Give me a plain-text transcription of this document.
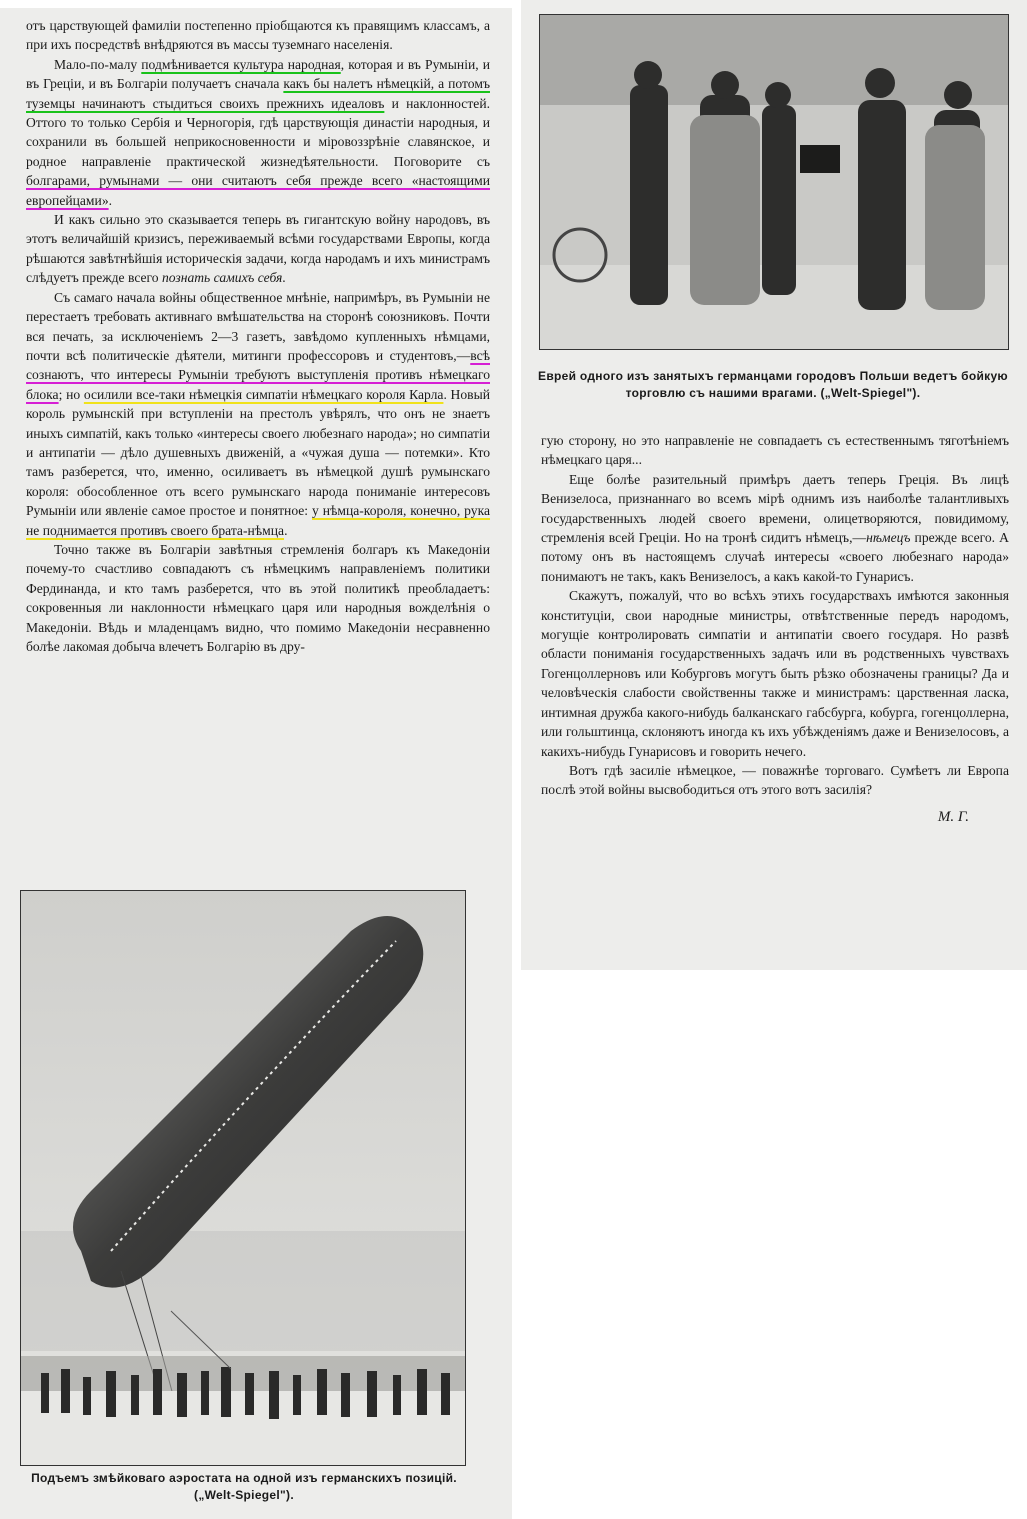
отъ царствующей фамиліи постепенно пріобщаются къ правящимъ классамъ, а при ихъ посредствѣ внѣдряются въ массы туземнаго населенія.

Мало-по-малу подмѣнивается культура народная, которая и въ Румыніи, и въ Греціи, и въ Болгаріи получаетъ сначала какъ бы налетъ нѣмецкій, а потомъ туземцы начинаютъ стыдиться своихъ прежнихъ идеаловъ и наклонностей. Оттого то только Сербія и Черногорія, гдѣ царствующія династіи народныя, и сохранили въ большей неприкосновенности и міровоззрѣніе славянское, и родное направленіе практической жизнедѣятельности. Поговорите съ болгарами, румынами — они считаютъ себя прежде всего «настоящими европейцами».

И какъ сильно это сказывается теперь въ гигантскую войну народовъ, въ этотъ величайшій кризисъ, переживаемый всѣми государствами Европы, когда рѣшаются завѣтнѣйшія историческія задачи, когда народамъ и ихъ министрамъ слѣдуетъ прежде всего познать самихъ себя.

Съ самаго начала войны общественное мнѣніе, напримѣръ, въ Румыніи не перестаетъ требовать активнаго вмѣшательства на сторонѣ союзниковъ. Почти вся печать, за исключеніемъ 2—3 газетъ, завѣдомо купленныхъ нѣмцами, почти всѣ политическіе дѣятели, митинги профессоровъ и студентовъ,—всѣ сознаютъ, что интересы Румыніи требуютъ выступленія противъ нѣмецкаго блока; но осилили все-таки нѣмецкія симпатіи нѣмецкаго короля Карла. Новый король румынскій при вступленіи на престолъ увѣрялъ, что онъ не знаетъ иныхъ симпатій, какъ только «интересы своего любезнаго народа»; но симпатіи и антипатіи — дѣло душевныхъ движеній, а «чужая душа — потемки». Кто тамъ разберется, что, именно, осиливаетъ въ нѣмецкой душѣ румынскаго короля: обособленное отъ всего румынскаго народа пониманіе интересовъ Румыніи или явленіе самое простое и понятное: у нѣмца-короля, конечно, рука не поднимается противъ своего брата-нѣмца.

Точно также въ Болгаріи завѣтныя стремленія болгаръ къ Македоніи почему-то счастливо совпадаютъ съ нѣмецкимъ направленіемъ политики Фердинанда, и кто тамъ разберется, что въ этой политикѣ преобладаетъ: сокровенныя ли наклонности нѣмецкаго царя или народныя вожделѣнія о Македоніи. Вѣдь и младенцамъ видно, что помимо Македоніи несравненно болѣе лакомая добыча влечетъ Болгарію въ дру-

Подъемъ змѣйковаго аэростата на одной изъ германскихъ позицій. („Welt-Spiegel").
Еврей одного изъ занятыхъ германцами городовъ Польши ведетъ бойкую торговлю съ нашими врагами. („Welt-Spiegel").

гую сторону, но это направленіе не совпадаетъ съ естественнымъ тяготѣніемъ нѣмецкаго царя...

Еще болѣе разительный примѣръ даетъ теперь Греція. Въ лицѣ Венизелоса, признаннаго во всемъ мірѣ однимъ изъ наиболѣе талантливыхъ государственныхъ людей своего времени, олицетворяются, повидимому, стремленія всей Греціи. Но на тронѣ сидитъ нѣмецъ,—нѣмецъ прежде всего. А потому онъ въ настоящемъ случаѣ интересы «своего любезнаго народа» понимаютъ не такъ, какъ Венизелосъ, а какъ какой-то Гунарисъ.

Скажутъ, пожалуй, что во всѣхъ этихъ государствахъ имѣются законныя конституціи, свои народные министры, отвѣтственные передъ народомъ, могущіе контролировать симпатіи и антипатіи своего государя. Но развѣ области пониманія государственныхъ задачъ или въ родственныхъ чувствахъ Гогенцоллерновъ или Кобурговъ могутъ быть рѣзко обозначены границы? Да и человѣческія слабости свойственны также и министрамъ: царственная ласка, интимная дружба какого-нибудь балканскаго габсбурга, кобурга, гогенцоллерна, или гольштинца, склоняютъ иногда къ ихъ убѣжденіямъ даже и Венизелосовъ, а какихъ-нибудь Гунарисовъ и говорить нечего.

Вотъ гдѣ засиліе нѣмецкое, — поважнѣе торговаго. Сумѣетъ ли Европа послѣ этой войны высвободиться отъ этого вотъ засилія?

М. Г.
